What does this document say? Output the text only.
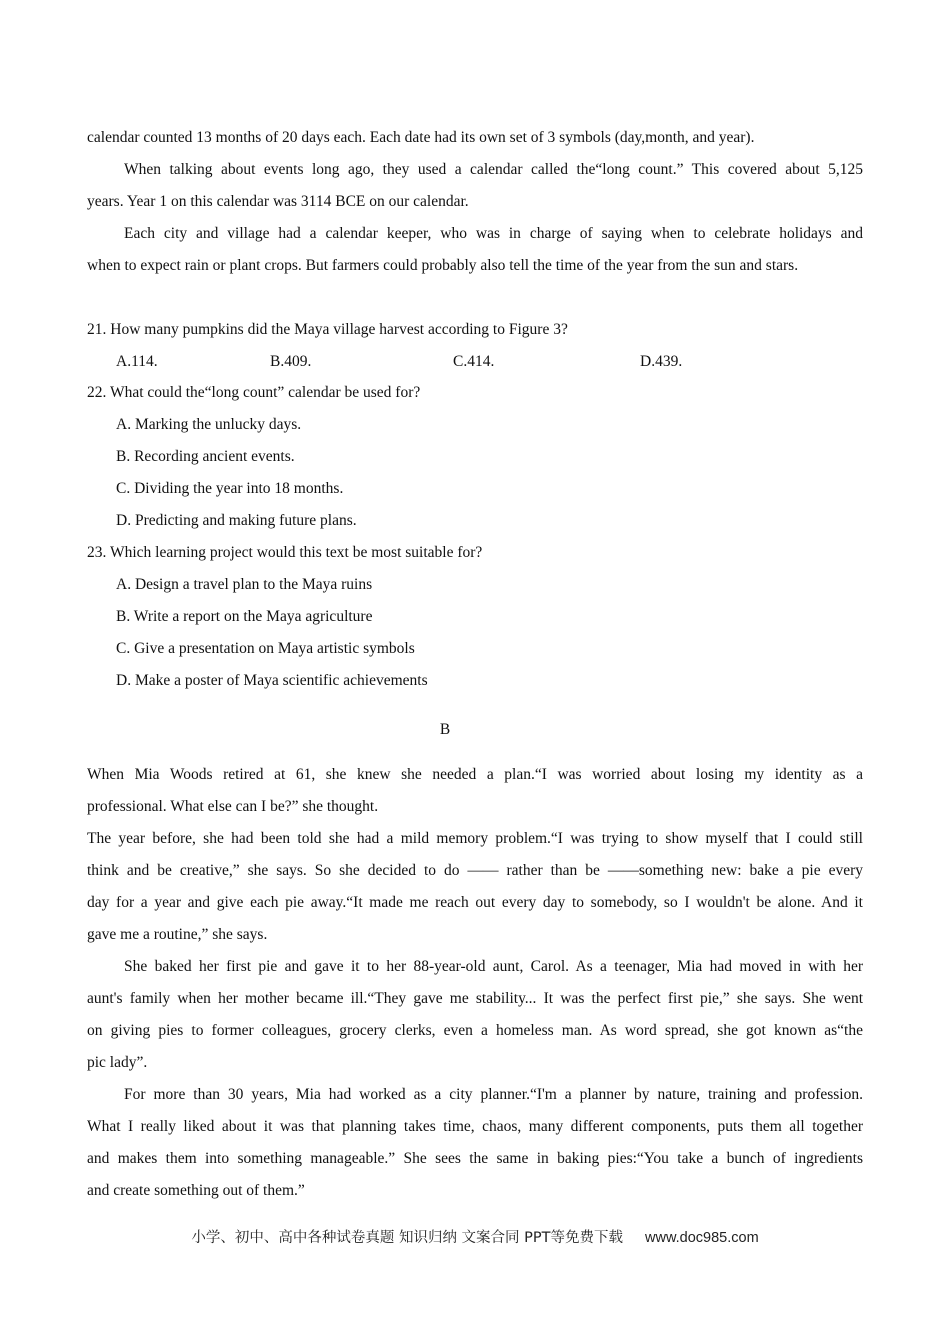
calendar counted 13 months of 20 days each. Each date had its own set of 3 symbols (day,month, and year).
When talking about events long ago, they used a calendar called the“long count.” This covered about 5,125
years. Year 1 on this calendar was 3114 BCE on our calendar.
Each city and village had a calendar keeper, who was in charge of saying when to celebrate holidays and
when to expect rain or plant crops. But farmers could probably also tell the time of the year from the sun and stars.
21. How many pumpkins did the Maya village harvest according to Figure 3?
A.114.	B.409.	C.414.	D.439.
22. What could the“long count” calendar be used for?
A. Marking the unlucky days.
B. Recording ancient events.
C. Dividing the year into 18 months.
D. Predicting and making future plans.
23. Which learning project would this text be most suitable for?
A. Design a travel plan to the Maya ruins
B. Write a report on the Maya agriculture
C. Give a presentation on Maya artistic symbols
D. Make a poster of Maya scientific achievements
B
When Mia Woods retired at 61, she knew she needed a plan.“I was worried about losing my identity as a
professional. What else can I be?” she thought.
The year before, she had been told she had a mild memory problem.“I was trying to show myself that I could still
think and be creative,” she says. So she decided to do —— rather than be ——something new: bake a pie every
day for a year and give each pie away.“It made me reach out every day to somebody, so I wouldn't be alone. And it
gave me a routine,” she says.
She baked her first pie and gave it to her 88-year-old aunt, Carol. As a teenager, Mia had moved in with her
aunt's family when her mother became ill.“They gave me stability... It was the perfect first pie,” she says. She went
on giving pies to former colleagues, grocery clerks, even a homeless man. As word spread, she got known as“the
pic lady”.
For more than 30 years, Mia had worked as a city planner.“I'm a planner by nature, training and profession.
What I really liked about it was that planning takes time, chaos, many different components, puts them all together
and makes them into something manageable.” She sees the same in baking pies:“You take a bunch of ingredients
and create something out of them.”
小学、初中、高中各种试卷真题 知识归纳 文案合同 PPT等免费下载 www.doc985.com
